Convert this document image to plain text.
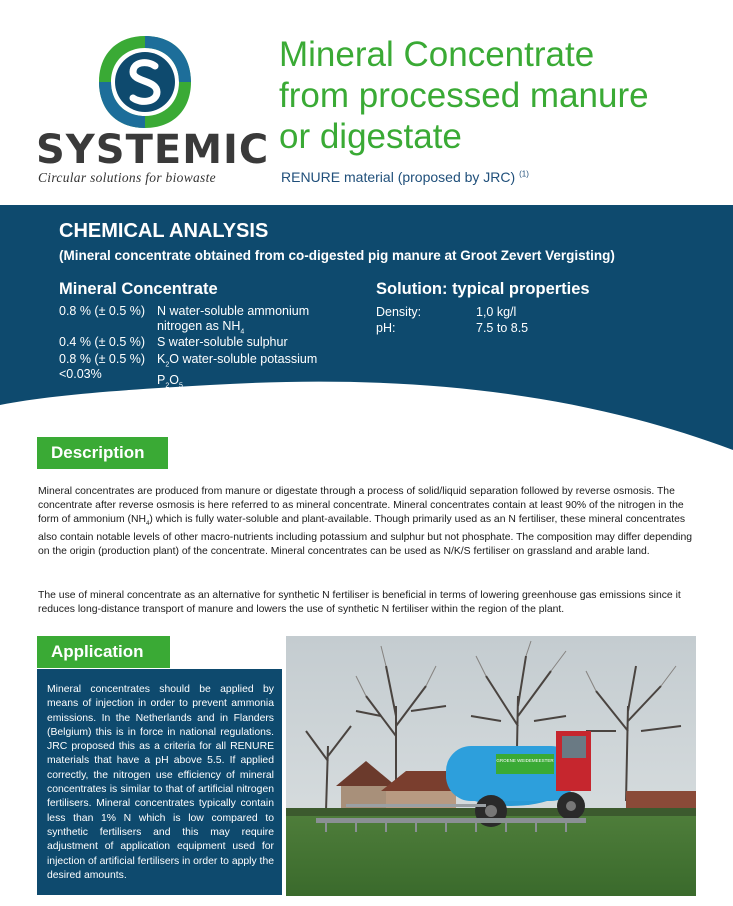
SYSTEMIC
Circular solutions for biowaste
Mineral Concentrate
from processed manure
or digestate
RENURE material (proposed by JRC) $^{(1)}$
CHEMICAL ANALYSIS
(Mineral concentrate obtained from co-digested pig manure at Groot Zevert Vergisting)
Mineral Concentrate
0.8 % (± 0.5 %) N water-soluble ammonium
nitrogen as $NH_4$
0.4 % (± 0.5 %) S water-soluble sulphur
0.8 % (± 0.5 %)
$<0.03\%K_2O$ water-soluble potassium
$P_2O_5$
Solution: typical properties
Density:	1,0 kg/l
pH:	7.5 to 8.5
Description
Mineral concentrates are produced from manure or digestate through a process of solid/liquid separation followed by reverse osmosis. The concentrate after reverse osmosis is here referred to as mineral concentrate. Mineral concentrates contain at least 90% of the nitrogen in the form of ammonium $(NH_4)$ which is fully water-soluble and plant-available. Though primarily used as an N fertiliser, these mineral concentrates also contain notable levels of other macro-nutrients including potassium and sulphur but not phosphate. The composition may differ depending on the origin (production plant) of the concentrate. Mineral concentrates can be used as N/K/S fertiliser on grassland and arable land.
The use of mineral concentrate as an alternative for synthetic N fertiliser is beneficial in terms of lowering greenhouse gas emissions since it reduces long-distance transport of manure and lowers the use of synthetic N fertiliser within the region of the plant.
Application
Mineral concentrates should be applied by means of injection in order to prevent ammonia emissions. In the Netherlands and in Flanders (Belgium) this is in force in national regulations. JRC proposed this as a criteria for all RENURE materials that have a pH above 5.5. If applied correctly, the nitrogen use efficiency of mineral concentrates is similar to that of artificial nitrogen fertilisers. Mineral concentrates typically contain less than 1% N which is low compared to synthetic fertilisers and this may require adjustment of application equipment used for injection of artificial fertilisers in order to apply the desired amounts.
GROENE WEIDEMEESTER
